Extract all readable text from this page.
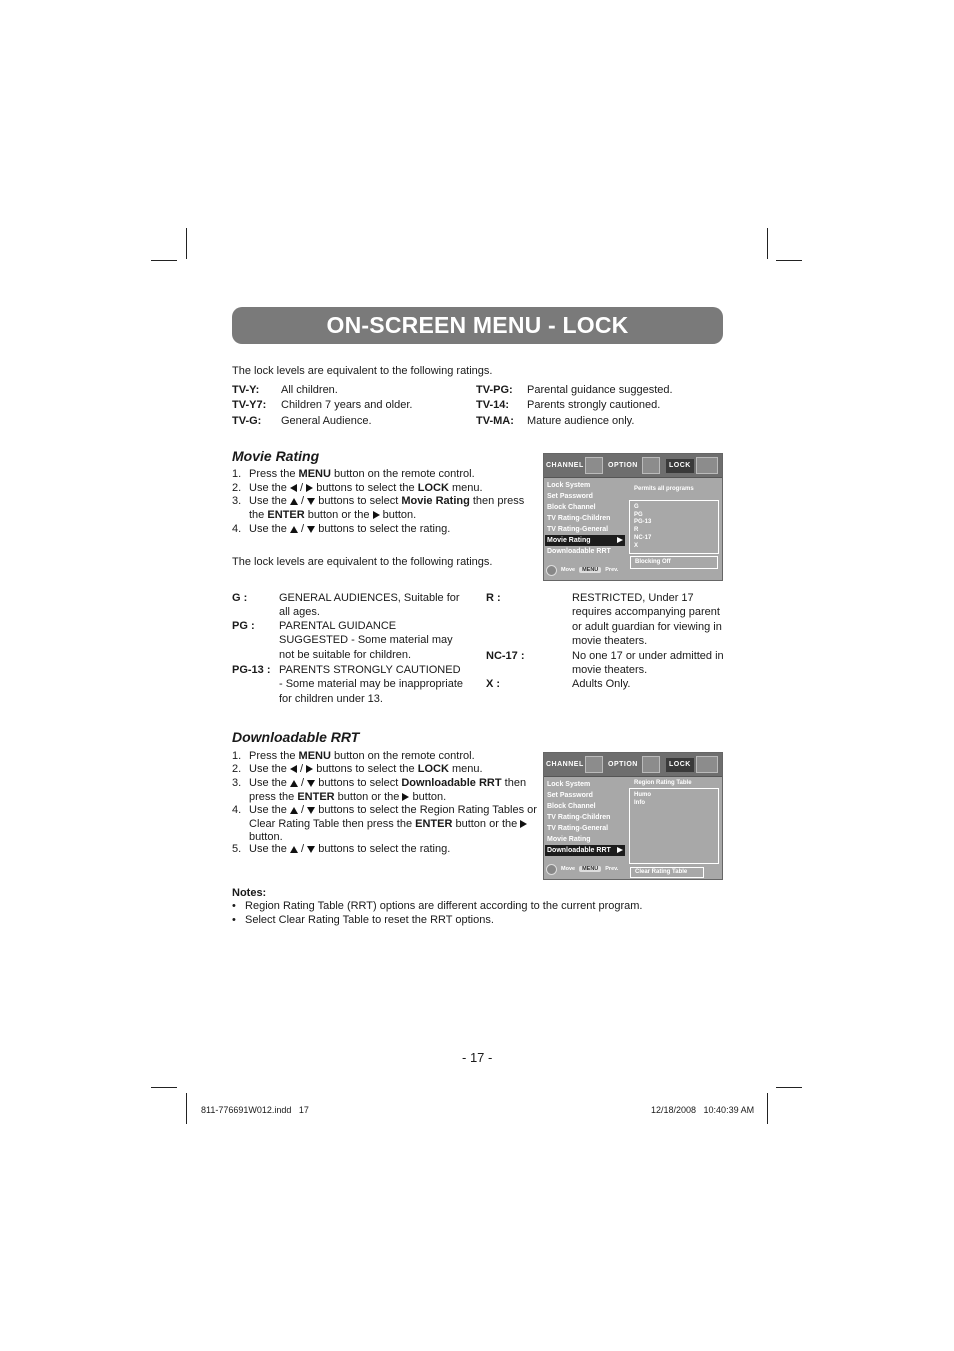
ON-SCREEN MENU - LOCK
The lock levels are equivalent to the following ratings.
TV-Y: All children.
TV-Y7: Children 7 years and older.
TV-G: General Audience.
TV-PG: Parental guidance suggested.
TV-14: Parents strongly cautioned.
TV-MA: Mature audience only.
Movie Rating
1. Press the MENU button on the remote control.
2. Use the  /  buttons to select the LOCK menu.
3. Use the  /  buttons to select Movie Rating then press the ENTER button or the  button.
4. Use the  /  buttons to select the rating.
The lock levels are equivalent to the following ratings.
CHANNEL	OPTION	LOCK
Lock System
Set Password
Block Channel
TV Rating-Children
TV Rating-General
Movie Rating
Downloadable RRT
Move	MENU	Prev.
Permits all programs
G
PG
PG-13
R
NC-17
X
Blocking Off
G :	GENERAL AUDIENCES, Suitable for all ages.
PG : PARENTAL GUIDANCE SUGGESTED - Some material may not be suitable for children.
PG-13 : PARENTS STRONGLY CAUTIONED - Some material may be inappropriate for children under 13.
R :	RESTRICTED, Under 17 requires accompanying parent or adult guardian for viewing in movie theaters.
NC-17 :	No one 17 or under admitted in movie theaters.
X :	Adults Only.
Downloadable RRT
1. Press the MENU button on the remote control.
2. Use the  /  buttons to select the LOCK menu.
3. Use the  /  buttons to select Downloadable RRT then press the ENTER button or the  button.
4. Use the  /  buttons to select the Region Rating Tables or Clear Rating Table then press the ENTER button or the  button.
5. Use the  /  buttons to select the rating.
CHANNEL	OPTION	LOCK
Lock System
Set Password
Block Channel
TV Rating-Children
TV Rating-General
Movie Rating
Downloadable RRT
Move	MENU	Prev.
Region Rating Table
Humo
Info
Clear Rating Table
Notes:
•   Region Rating Table (RRT) options are different according to the current program.
•   Select Clear Rating Table to reset the RRT options.
- 17 -
811-776691W012.indd   17	12/18/2008   10:40:39 AM
